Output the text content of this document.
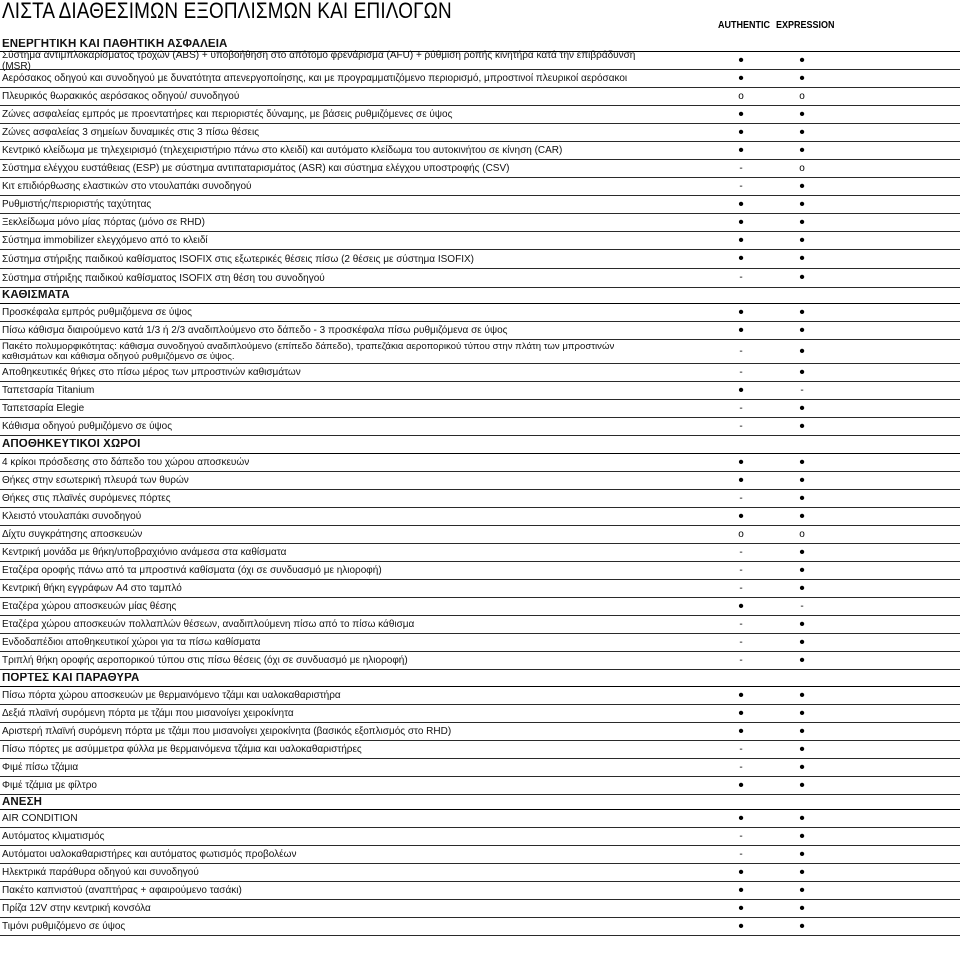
ΛΙΣΤΑ ΔΙΑΘΕΣΙΜΩΝ ΕΞΟΠΛΙΣΜΩΝ ΚΑΙ ΕΠΙΛΟΓΩΝ
AUTHENTIC EXPRESSION
ΕΝΕΡΓΗΤΙΚΗ ΚΑΙ ΠΑΘΗΤΙΚΗ ΑΣΦΑΛΕΙΑ
Σύστημα αντιμπλοκαρίσματος τροχών (ABS) + υποβοήθηση στο απότομο φρενάρισμα (AFU) + ρύθμιση ροπής κινητήρα κατά την επιβράδυνση (MSR)	•	•
Αερόσακος οδηγού και συνοδηγού με δυνατότητα απενεργοποίησης, και με προγραμματιζόμενο περιορισμό, μπροστινοί πλευρικοί αερόσακοι	•	•
Πλευρικός θωρακικός αερόσακος οδηγού/ συνοδηγού	o	o
Ζώνες ασφαλείας εμπρός με προεντατήρες και περιοριστές δύναμης, με βάσεις ρυθμιζόμενες σε ύψος	•	•
Ζώνες ασφαλείας 3 σημείων δυναμικές στις 3 πίσω θέσεις	•	•
Κεντρικό κλείδωμα με τηλεχειρισμό (τηλεχειριστήριο πάνω στο κλειδί) και αυτόματο κλείδωμα του αυτοκινήτου σε κίνηση (CAR)	•	•
Σύστημα ελέγχου ευστάθειας (ESP) με σύστημα αντιπαταρισμάτος (ASR) και σύστημα ελέγχου υποστροφής (CSV)	-	o
Κιτ επιδιόρθωσης ελαστικών στο ντουλαπάκι συνοδηγού	-	•
Ρυθμιστής/περιοριστής ταχύτητας	•	•
Ξεκλείδωμα μόνο μίας πόρτας (μόνο σε RHD)	•	•
Σύστημα immobilizer ελεγχόμενο από το κλειδί	•	•
Σύστημα στήριξης παιδικού καθίσματος ISOFIX στις εξωτερικές θέσεις πίσω (2 θέσεις με σύστημα ISOFIX)	•	•
Σύστημα στήριξης παιδικού καθίσματος ISOFIX στη θέση του συνοδηγού	-	•
ΚΑΘΙΣΜΑΤΑ
Προσκέφαλα εμπρός ρυθμιζόμενα σε ύψος	•	•
Πίσω κάθισμα διαιρούμενο κατά 1/3 ή 2/3 αναδιπλούμενο στο δάπεδο - 3 προσκέφαλα πίσω ρυθμιζόμενα σε ύψος	•	•
Πακέτο πολυμορφικότητας: κάθισμα συνοδηγού αναδιπλούμενο (επίπεδο δάπεδο), τραπεζάκια αεροπορικού τύπου στην πλάτη των μπροστινών καθισμάτων και κάθισμα οδηγού ρυθμιζόμενο σε ύψος.	-	•
Αποθηκευτικές θήκες στο πίσω μέρος των μπροστινών καθισμάτων	-	•
Ταπετσαρία Titanium	•	-
Ταπετσαρία Elegie	-	•
Κάθισμα οδηγού ρυθμιζόμενο σε ύψος	-	•
ΑΠΟΘΗΚΕΥΤΙΚΟΙ ΧΩΡΟΙ
4 κρίκοι πρόσδεσης στο δάπεδο του χώρου αποσκευών	•	•
Θήκες στην εσωτερική πλευρά των θυρών	•	•
Θήκες στις πλαϊνές συρόμενες πόρτες	-	•
Κλειστό ντουλαπάκι συνοδηγού	•	•
Δίχτυ συγκράτησης αποσκευών	o	o
Κεντρική μονάδα με θήκη/υποβραχιόνιο ανάμεσα στα καθίσματα	-	•
Εταζέρα οροφής πάνω από τα μπροστινά καθίσματα (όχι σε συνδυασμό με ηλιοροφή)	-	•
Κεντρική θήκη εγγράφων A4 στο ταμπλό	-	•
Εταζέρα χώρου αποσκευών μίας θέσης	•	-
Εταζέρα χώρου αποσκευών πολλαπλών θέσεων, αναδιπλούμενη πίσω από το πίσω κάθισμα	-	•
Ενδοδαπέδιοι αποθηκευτικοί χώροι για τα πίσω καθίσματα	-	•
Τριπλή θήκη οροφής αεροπορικού τύπου στις πίσω θέσεις (όχι σε συνδυασμό με ηλιοροφή)	-	•
ΠΟΡΤΕΣ ΚΑΙ ΠΑΡΑΘΥΡΑ
Πίσω πόρτα χώρου αποσκευών με θερμαινόμενο τζάμι και υαλοκαθαριστήρα	•	•
Δεξιά πλαϊνή συρόμενη πόρτα με τζάμι που μισανοίγει χειροκίνητα	•	•
Αριστερή πλαϊνή συρόμενη πόρτα με τζάμι που μισανοίγει χειροκίνητα (βασικός εξοπλισμός στο RHD)	•	•
Πίσω πόρτες με ασύμμετρα φύλλα με θερμαινόμενα τζάμια και υαλοκαθαριστήρες	-	•
Φιμέ πίσω τζάμια	-	•
Φιμέ τζάμια με φίλτρο	•	•
ΑΝΕΣΗ
AIR CONDITION	•	•
Αυτόματος κλιματισμός	-	•
Αυτόματοι υαλοκαθαριστήρες και αυτόματος φωτισμός προβολέων	-	•
Ηλεκτρικά παράθυρα οδηγού και συνοδηγού	•	•
Πακέτο καπνιστού (αναπτήρας + αφαιρούμενο τασάκι)	•	•
Πρίζα 12V στην κεντρική κονσόλα	•	•
Τιμόνι ρυθμιζόμενο σε ύψος	•	•
